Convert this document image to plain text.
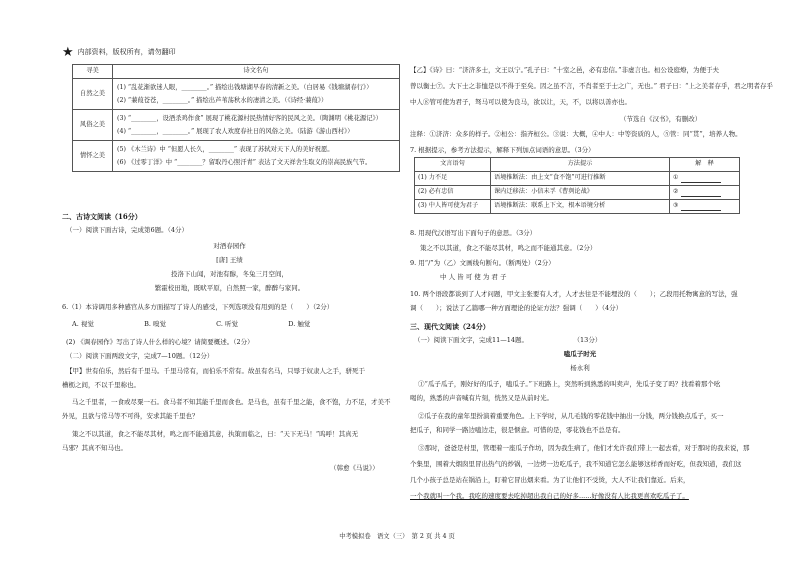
★ 内部资料，版权所有，请勿翻印
寻美	诗文名句
自然之美	(1) “乱花渐欲迷人眼，________。” 描绘出钱塘湖早春的清新之美。（白居易《钱塘湖春行》）
(2) “蒹葭苍苍，________。” 描绘出芦苇荡秋水的凄清之美。（《诗经·蒹葭》）

风俗之美	(3) “________，设酒杀鸡作食” 展现了桃花源村民热情好客的民风之美。（陶渊明《桃花源记》）
(4) “________，________。” 展现了农人欢度春社日的风俗之美。（陆游《游山西村》）

情怀之美	(5) 《木兰诗》中 “但愿人长久，________” 表现了苏轼对天下人的美好祝愿。
(6) 《过零丁洋》中 “________？留取丹心照汗青” 表达了文天祥舍生取义的崇高民族气节。
二、古诗文阅读（16分）
（一）阅读下面古诗，完成第6题。（4分）
对酒春园作
[唐] 王绩
投洛下山闻，对池有醇，冬兔三月空间，
繁霍校田地，既畎平原，自然照一家，醉醉与家同。
6.（1）本诗调用多种感官从多方面描写了诗人的感受，下列选项没有用到的是（　　）（2分）
A. 视觉	B. 嗅觉	C. 听觉	D. 触觉
(2) 《调春园作》写出了诗人什么样的心境？请简要概述。（2分）
（二）阅读下面两段文字，完成7—10题。（12分）
【甲】世有伯乐，然后有千里马。千里马常有，而伯乐不常有。故虽有名马，只辱于奴隶人之手，骈死于
槽枥之间，不以千里称也。
马之千里者，一食或尽粟一石。食马者不知其能千里而食也。是马也，虽有千里之能，食不饱，力不足，才美不
外见，且欲与常马等不可得，安求其能千里也？
策之不以其道，食之不能尽其材，鸣之而不能通其意，执策而临之，曰：“天下无马！”呜呼！其真无
马邪？其真不知马也。
（韩愈《马说》）
【乙】《诗》曰：“济济多士，文王以宁。”孔子曰：“十室之邑，必有忠信。”非虚言也。桓公设庭燎，为便于夫
曾以衡士⑦。大下士之非恤是以不得于至矣。因之虽不言，不肖者至于士之广，无也。” 君子曰：“上之美者存乎，君之明者存乎
中人⑧管可使为君子，驽马可以使为良马，欲以让，天，不，以将以善亦也。
（节选自《汉书》，有删改）
注释：①济济：众多的样子。②桓公：指齐桓公。③说：大概，④中人：中等资质的人，⑤管：同“贯”，培养人物。
7. 根据提示，参考方法提示，解释下列加点词语的意思。（3分）
文言语句	方法提示	解　释
(1) 力不足	语境推断法：由上文“食不饱”可进行推断	①
(2) 必有忠信	课内迁移法：小信未孚《曹刿论战》	②
(3) 中人皆可使为君子	语境推断法：联系上下文，根本语境分析	③
8. 用现代汉语写出下面句子的意思。（3分）
策之不以其道，食之不能尽其材，鸣之而不能通其意。（2分）
9. 用“/”为（乙）文画线句断句。（断两处）（2分）
中 人 皆 可 使 为 君 子
10. 两个语段都谈到了人才问题，甲文主张要有人才，人才去往是不能埋没的（　　）；乙段用托物寓意的写法，强
调（　　）；说法了乙篇哪一种方面理论的论证方法？强调（　　）（4分）
三、现代文阅读（24分）
（一）阅读下面文字，完成11—14题。　　　　　　　　（13分）
嗑瓜子时光
杨永利
①“瓜子瓜子，刚好好的瓜子，嗑瓜子。”下班路上，突然听到熟悉的叫卖声，先瓜子变了吗？找看着那个吆
喝的，熟悉的声音喊有片刻，恍然又是从前时光。
②瓜子在我的童年里扮演着重要角色。上下学时，从几毛钱的零花钱中抽出一分钱，两分钱换点瓜子，买一
把瓜子，和同学一路边嗑边走，很是惬意。可惜的是，零花钱也不总是有。
③那时，爸爸是村里，管理着一座瓜子作坊，因为我生病了，他们才允许我们带上一起去看，对于那时的我来说，那
个集里，围着大烟囱里冒出热气的炒锅，一边烤一边吃瓜子，我不知道它怎么能够这样香而好吃，但我知道，我们这
几个小孩子总是站在锅沿上，盯着它冒出烟来看。为了让他们不受烫，大人不让我们靠近。后来，
一个我就叫一个我。我吃的速度要去吃掉超出我自己的好多......好像没有人比我更喜欢吃瓜子了。
中考模拟卷　语文（三）　第 2 页 共 4 页
